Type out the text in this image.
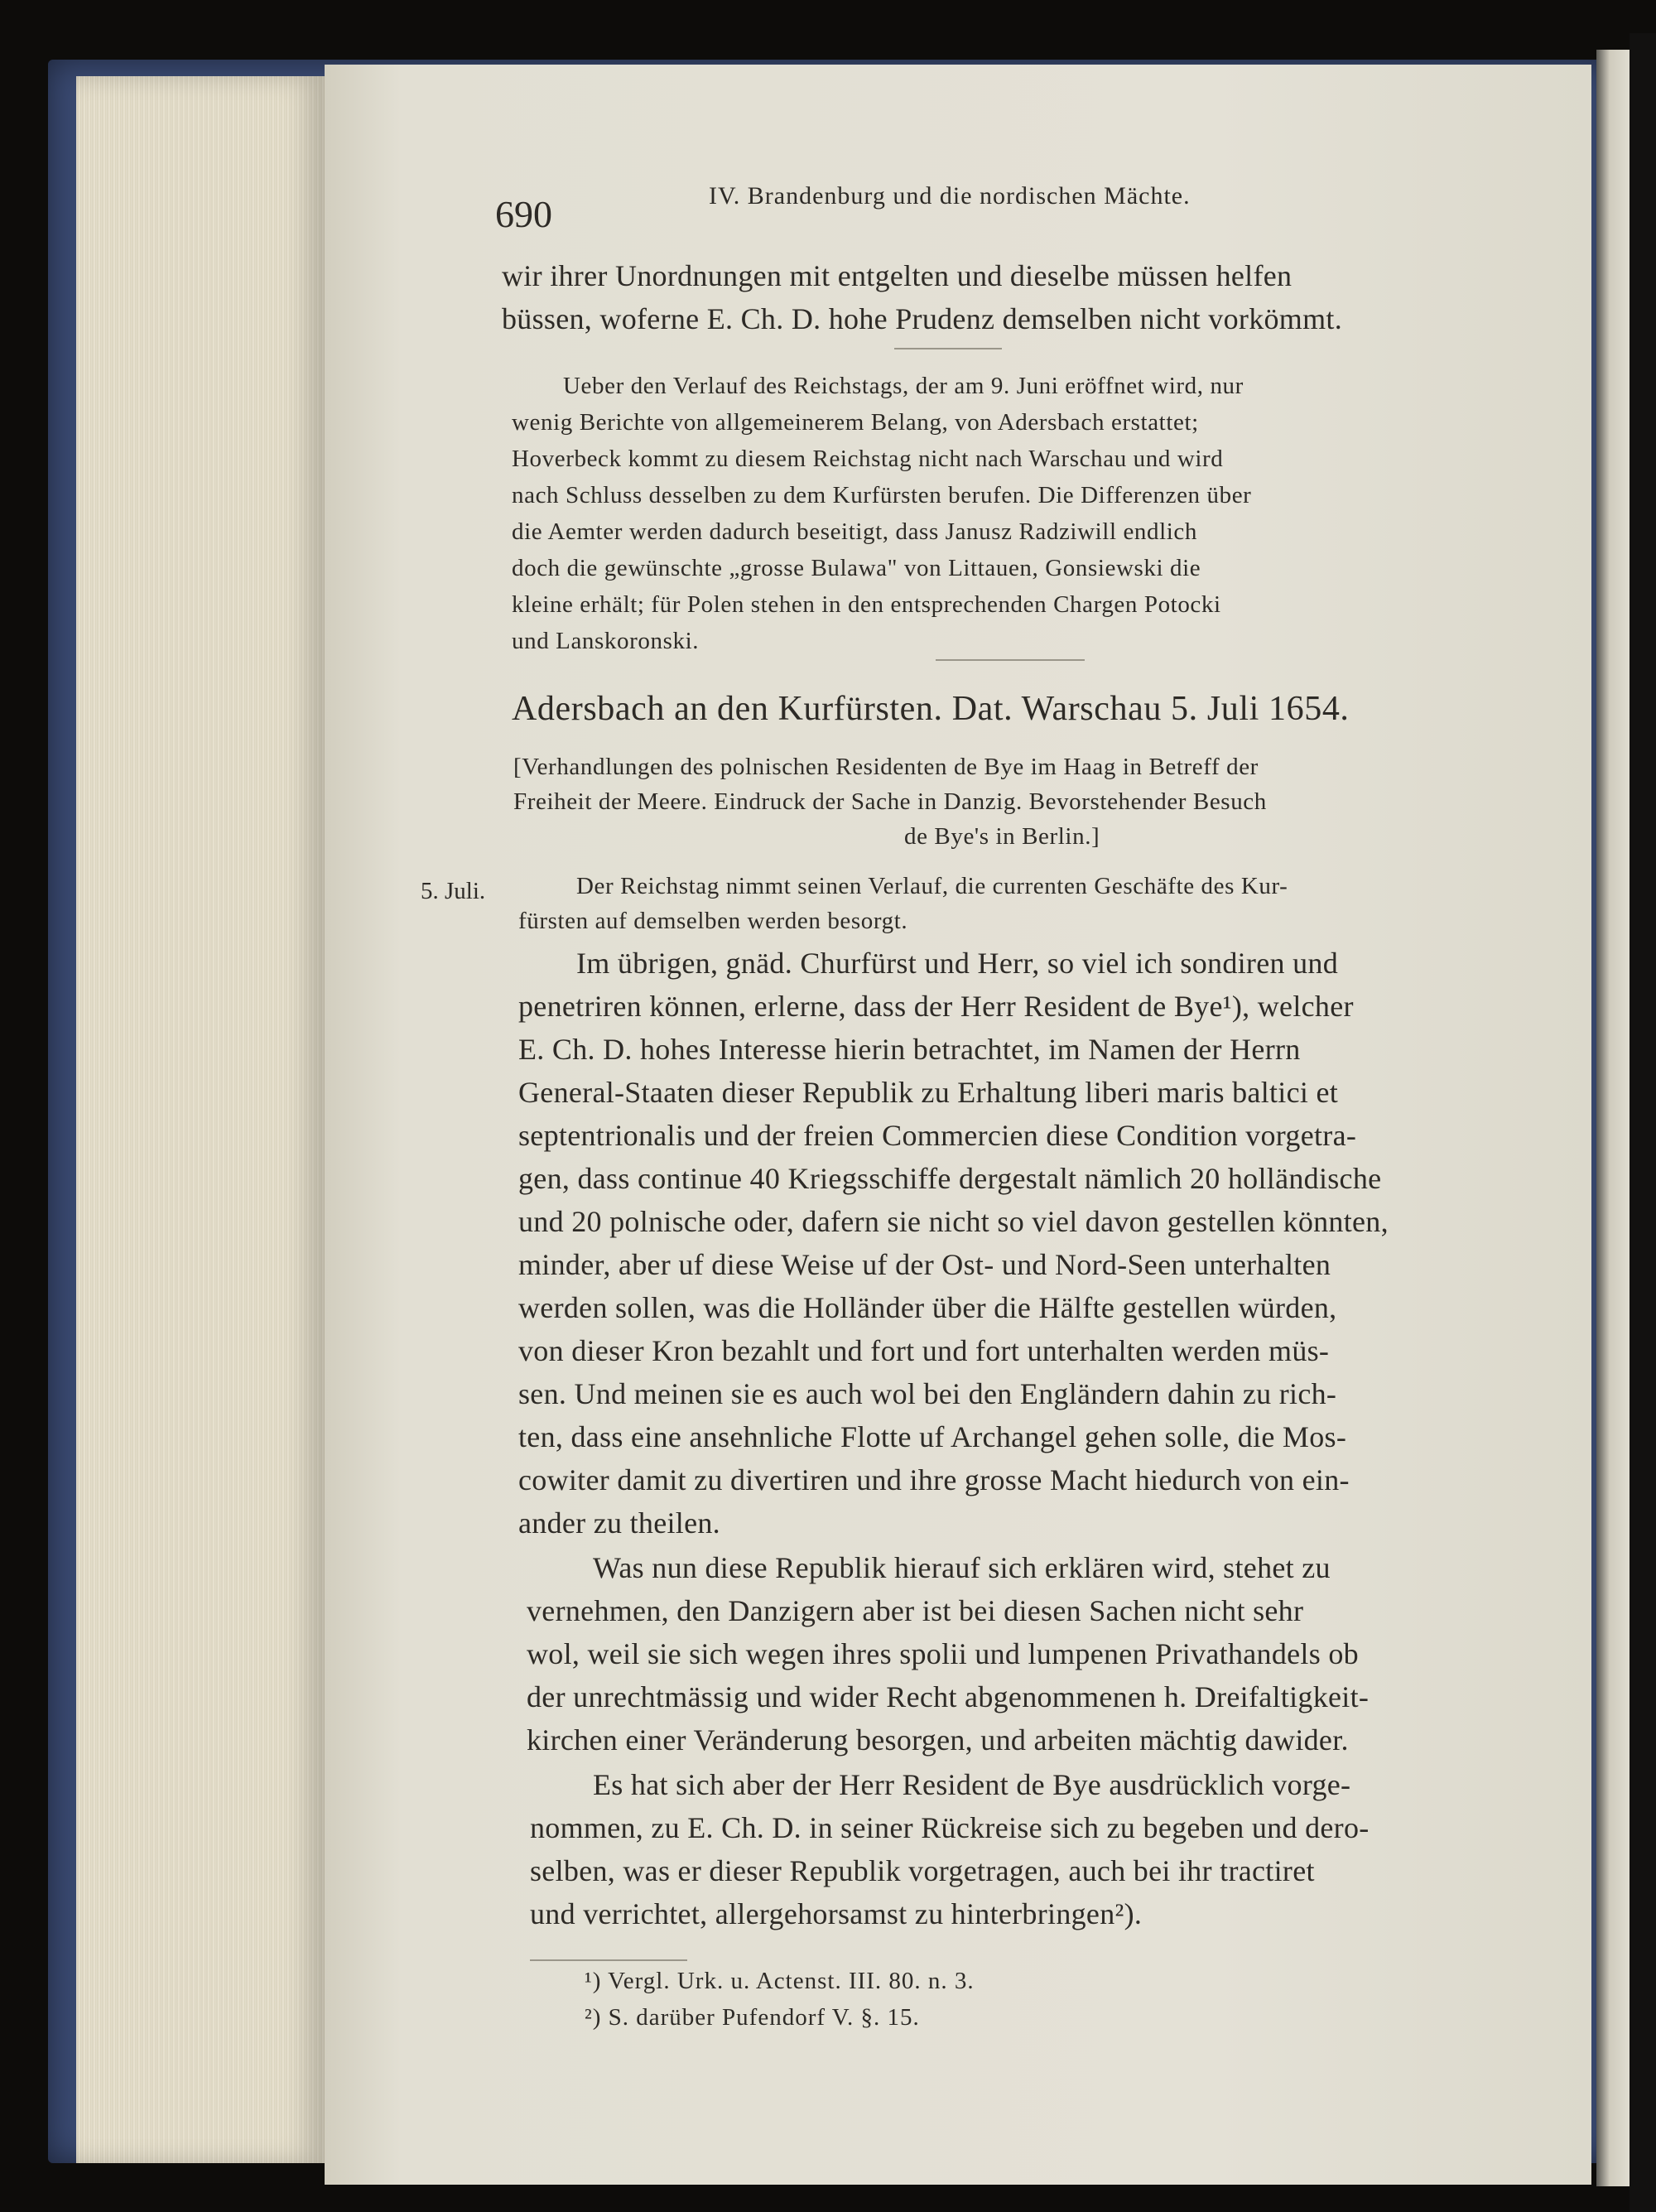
690	IV. Brandenburg und die nordischen Mächte.
wir ihrer Unordnungen mit entgelten und dieselbe müssen helfen
büssen, woferne E. Ch. D. hohe Prudenz demselben nicht vorkömmt.
Ueber den Verlauf des Reichstags, der am 9. Juni eröffnet wird, nur
wenig Berichte von allgemeinerem Belang, von Adersbach erstattet;
Hoverbeck kommt zu diesem Reichstag nicht nach Warschau und wird
nach Schluss desselben zu dem Kurfürsten berufen. Die Differenzen über
die Aemter werden dadurch beseitigt, dass Janusz Radziwill endlich
doch die gewünschte „grosse Bulawa" von Littauen, Gonsiewski die
kleine erhält; für Polen stehen in den entsprechenden Chargen Potocki
und Lanskoronski.
Adersbach an den Kurfürsten. Dat. Warschau 5. Juli 1654.
[Verhandlungen des polnischen Residenten de Bye im Haag in Betreff der
Freiheit der Meere. Eindruck der Sache in Danzig. Bevorstehender Besuch
de Bye's in Berlin.]
5. Juli.	Der Reichstag nimmt seinen Verlauf, die currenten Geschäfte des Kur-
fürsten auf demselben werden besorgt.
Im übrigen, gnäd. Churfürst und Herr, so viel ich sondiren und
penetriren können, erlerne, dass der Herr Resident de Bye¹), welcher
E. Ch. D. hohes Interesse hierin betrachtet, im Namen der Herrn
General-Staaten dieser Republik zu Erhaltung liberi maris baltici et
septentrionalis und der freien Commercien diese Condition vorgetra-
gen, dass continue 40 Kriegsschiffe dergestalt nämlich 20 holländische
und 20 polnische oder, dafern sie nicht so viel davon gestellen könnten,
minder, aber uf diese Weise uf der Ost- und Nord-Seen unterhalten
werden sollen, was die Holländer über die Hälfte gestellen würden,
von dieser Kron bezahlt und fort und fort unterhalten werden müs-
sen. Und meinen sie es auch wol bei den Engländern dahin zu rich-
ten, dass eine ansehnliche Flotte uf Archangel gehen solle, die Mos-
cowiter damit zu divertiren und ihre grosse Macht hiedurch von ein-
ander zu theilen.
Was nun diese Republik hierauf sich erklären wird, stehet zu
vernehmen, den Danzigern aber ist bei diesen Sachen nicht sehr
wol, weil sie sich wegen ihres spolii und lumpenen Privathandels ob
der unrechtmässig und wider Recht abgenommenen h. Dreifaltigkeit-
kirchen einer Veränderung besorgen, und arbeiten mächtig dawider.
Es hat sich aber der Herr Resident de Bye ausdrücklich vorge-
nommen, zu E. Ch. D. in seiner Rückreise sich zu begeben und dero-
selben, was er dieser Republik vorgetragen, auch bei ihr tractiret
und verrichtet, allergehorsamst zu hinterbringen²).
¹) Vergl. Urk. u. Actenst. III. 80. n. 3.
²) S. darüber Pufendorf V. §. 15.
